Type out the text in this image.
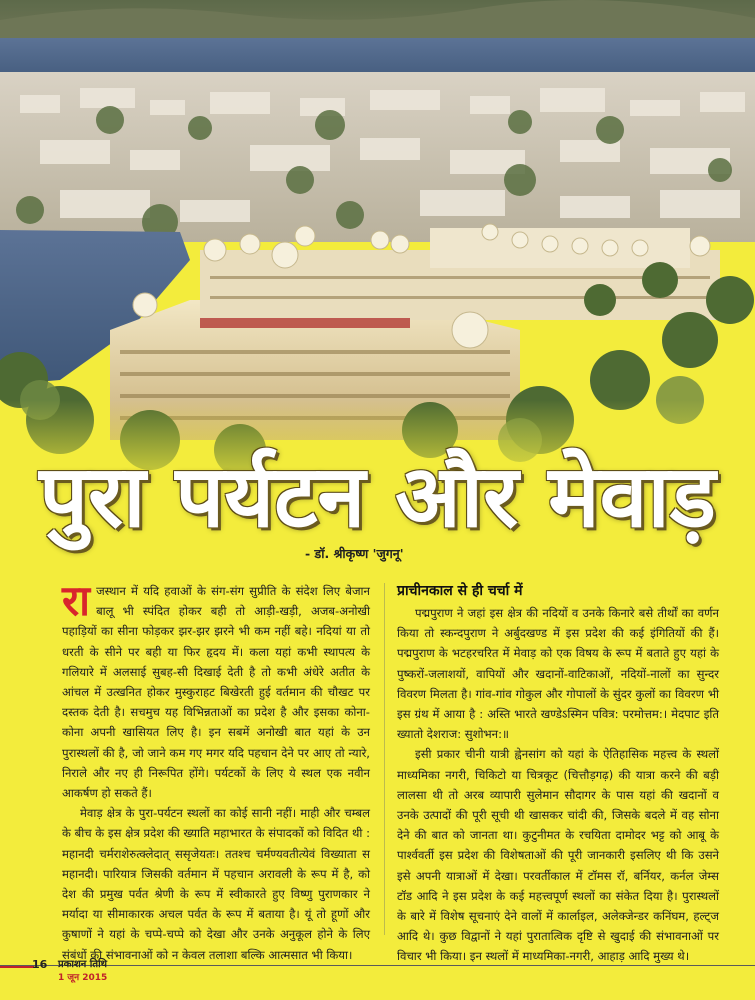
पुरा पर्यटन और मेवाड़
- डॉ. श्रीकृष्ण 'जुगनू'

राजस्थान में यदि हवाओं के संग-संग सुप्रीति के संदेश लिए बेजान बालू भी स्पंदित होकर बही तो आड़ी-खड़ी, अजब-अनोखी पहाड़ियों का सीना फोड़कर झर-झर झरने भी कम नहीं बहे। नदियां या तो धरती के सीने पर बही या फिर हृदय में। कला यहां कभी स्थापत्य के गलियारे में अलसाई सुबह-सी दिखाई देती है तो कभी अंधेरे अतीत के आंचल में उत्खनित होकर मुस्कुराहट बिखेरती हुई वर्तमान की चौखट पर दस्तक देती है। सचमुच यह विभिन्नताओं का प्रदेश है और इसका कोना-कोना अपनी खासियत लिए है। इन सबमें अनोखी बात यहां के उन पुरास्थलों की है, जो जाने कम गए मगर यदि पहचान देने पर आए तो न्यारे, निराले और नए ही निरूपित होंगे। पर्यटकों के लिए ये स्थल एक नवीन आकर्षण हो सकते हैं।

मेवाड़ क्षेत्र के पुरा-पर्यटन स्थलों का कोई सानी नहीं। माही और चम्बल के बीच के इस क्षेत्र प्रदेश की ख्याति महाभारत के संपादकों को विदित थी : महानदी चर्मराशेरुत्क्लेदात् ससृजेयतः। ततश्च चर्मण्यवतीत्येवं विख्याता स महानदी। पारियात्र जिसकी वर्तमान में पहचान अरावली के रूप में है, को देश की प्रमुख पर्वत श्रेणी के रूप में स्वीकारते हुए विष्णु पुराणकार ने मर्यादा या सीमाकारक अचल पर्वत के रूप में बताया है। यूं तो हूणों और कुषाणों ने यहां के चप्पे-चप्पे को देखा और उनके अनुकूल होने के लिए संबंधों की संभावनाओं को न केवल तलाशा बल्कि आत्मसात भी किया।

प्राचीनकाल से ही चर्चा में

पद्मपुराण ने जहां इस क्षेत्र की नदियों व उनके किनारे बसे तीर्थों का वर्णन किया तो स्कन्दपुराण ने अर्बुदखण्ड में इस प्रदेश की कई इंगितियों की हैं। पद्मपुराण के भटहरचरित में मेवाड़ को एक विषय के रूप में बताते हुए यहां के पुष्करों-जलाशयों, वापियों और खदानों-वाटिकाओं, नदियों-नालों का सुन्दर विवरण मिलता है। गांव-गांव गोकुल और गोपालों के सुंदर कुलों का विवरण भी इस ग्रंथ में आया है : अस्ति भारते खण्डेऽस्मिन पवित्र: परमोत्तम:। मेदपाट इति ख्यातो देशराज: सुशोभन:॥

इसी प्रकार चीनी यात्री ह्वेनसांग को यहां के ऐतिहासिक महत्त्व के स्थलों माध्यमिका नगरी, चिकिटो या चित्रकूट (चित्तौड़गढ़) की यात्रा करने की बड़ी लालसा थी तो अरब व्यापारी सुलेमान सौदागर के पास यहां की खदानों व उनके उत्पादों की पूरी सूची थी खासकर चांदी की, जिसके बदले में वह सोना देने की बात को जानता था। कुटुनीमत के रचयिता दामोदर भट्ट को आबू के पार्श्ववर्ती इस प्रदेश की विशेषताओं की पूरी जानकारी इसलिए थी कि उसने इसे अपनी यात्राओं में देखा। परवर्तीकाल में टॉमस रॉ, बर्नियर, कर्नल जेम्स टॉड आदि ने इस प्रदेश के कई महत्त्वपूर्ण स्थलों का संकेत दिया है। पुरास्थलों के बारे में विशेष सूचनाएं देने वालों में कार्लाइल, अलेक्जेन्डर कनिंघम, हल्ट्ज आदि थे। कुछ विद्वानों ने यहां पुरातात्विक दृष्टि से खुदाई की संभावनाओं पर विचार भी किया। इन स्थलों में माध्यमिका-नगरी, आहाड़ आदि मुख्य थे।

16 प्रकाशन तिथि
1 जून 2015
